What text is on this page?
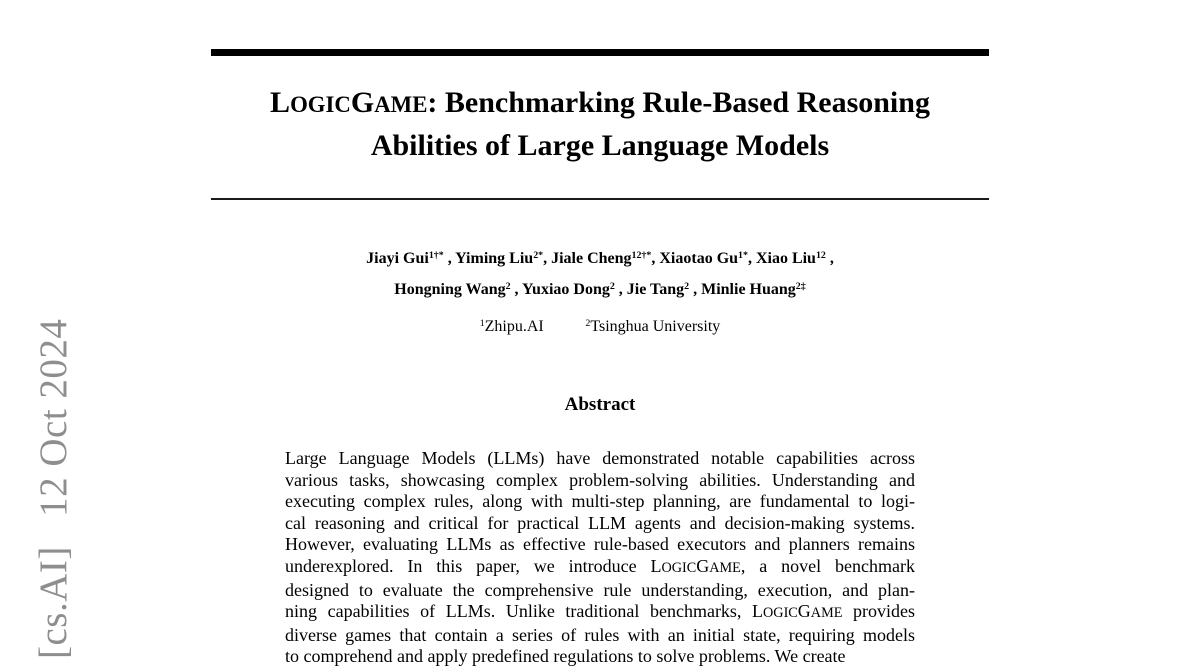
[cs.AI]12 Oct 2024
LOGICGAME: Benchmarking Rule-Based Reasoning
Abilities of Large Language Models
Jiayi Gui$^{1\dagger*}$ , Yiming Liu$^{2*}$, Jiale Cheng$^{12\dagger*}$, Xiaotao $Gu^{1*}$, Xiao Liu$^{12}$ ,
Hongning Wang$^2$ , Yuxiao Dong$^2$ , Jie Tang$^2$ , Minlie Huang$^{2\ddagger}$
$^1$Zhipu.AI	$^2$Tsinghua University
Abstract
Large Language Models (LLMs) have demonstrated notable capabilities across
various tasks, showcasing complex problem-solving abilities. Understanding and
executing complex rules, along with multi-step planning, are fundamental to logi-
cal reasoning and critical for practical LLM agents and decision-making systems.
However, evaluating LLMs as effective rule-based executors and planners remains
underexplored. In this paper, we introduce LOGICGAME, a novel benchmark
designed to evaluate the comprehensive rule understanding, execution, and plan-
ning capabilities of LLMs. Unlike traditional benchmarks, LOGICGAME provides
diverse games that contain a series of rules with an initial state, requiring models
to comprehend and apply predefined regulations to solve problems. We create
